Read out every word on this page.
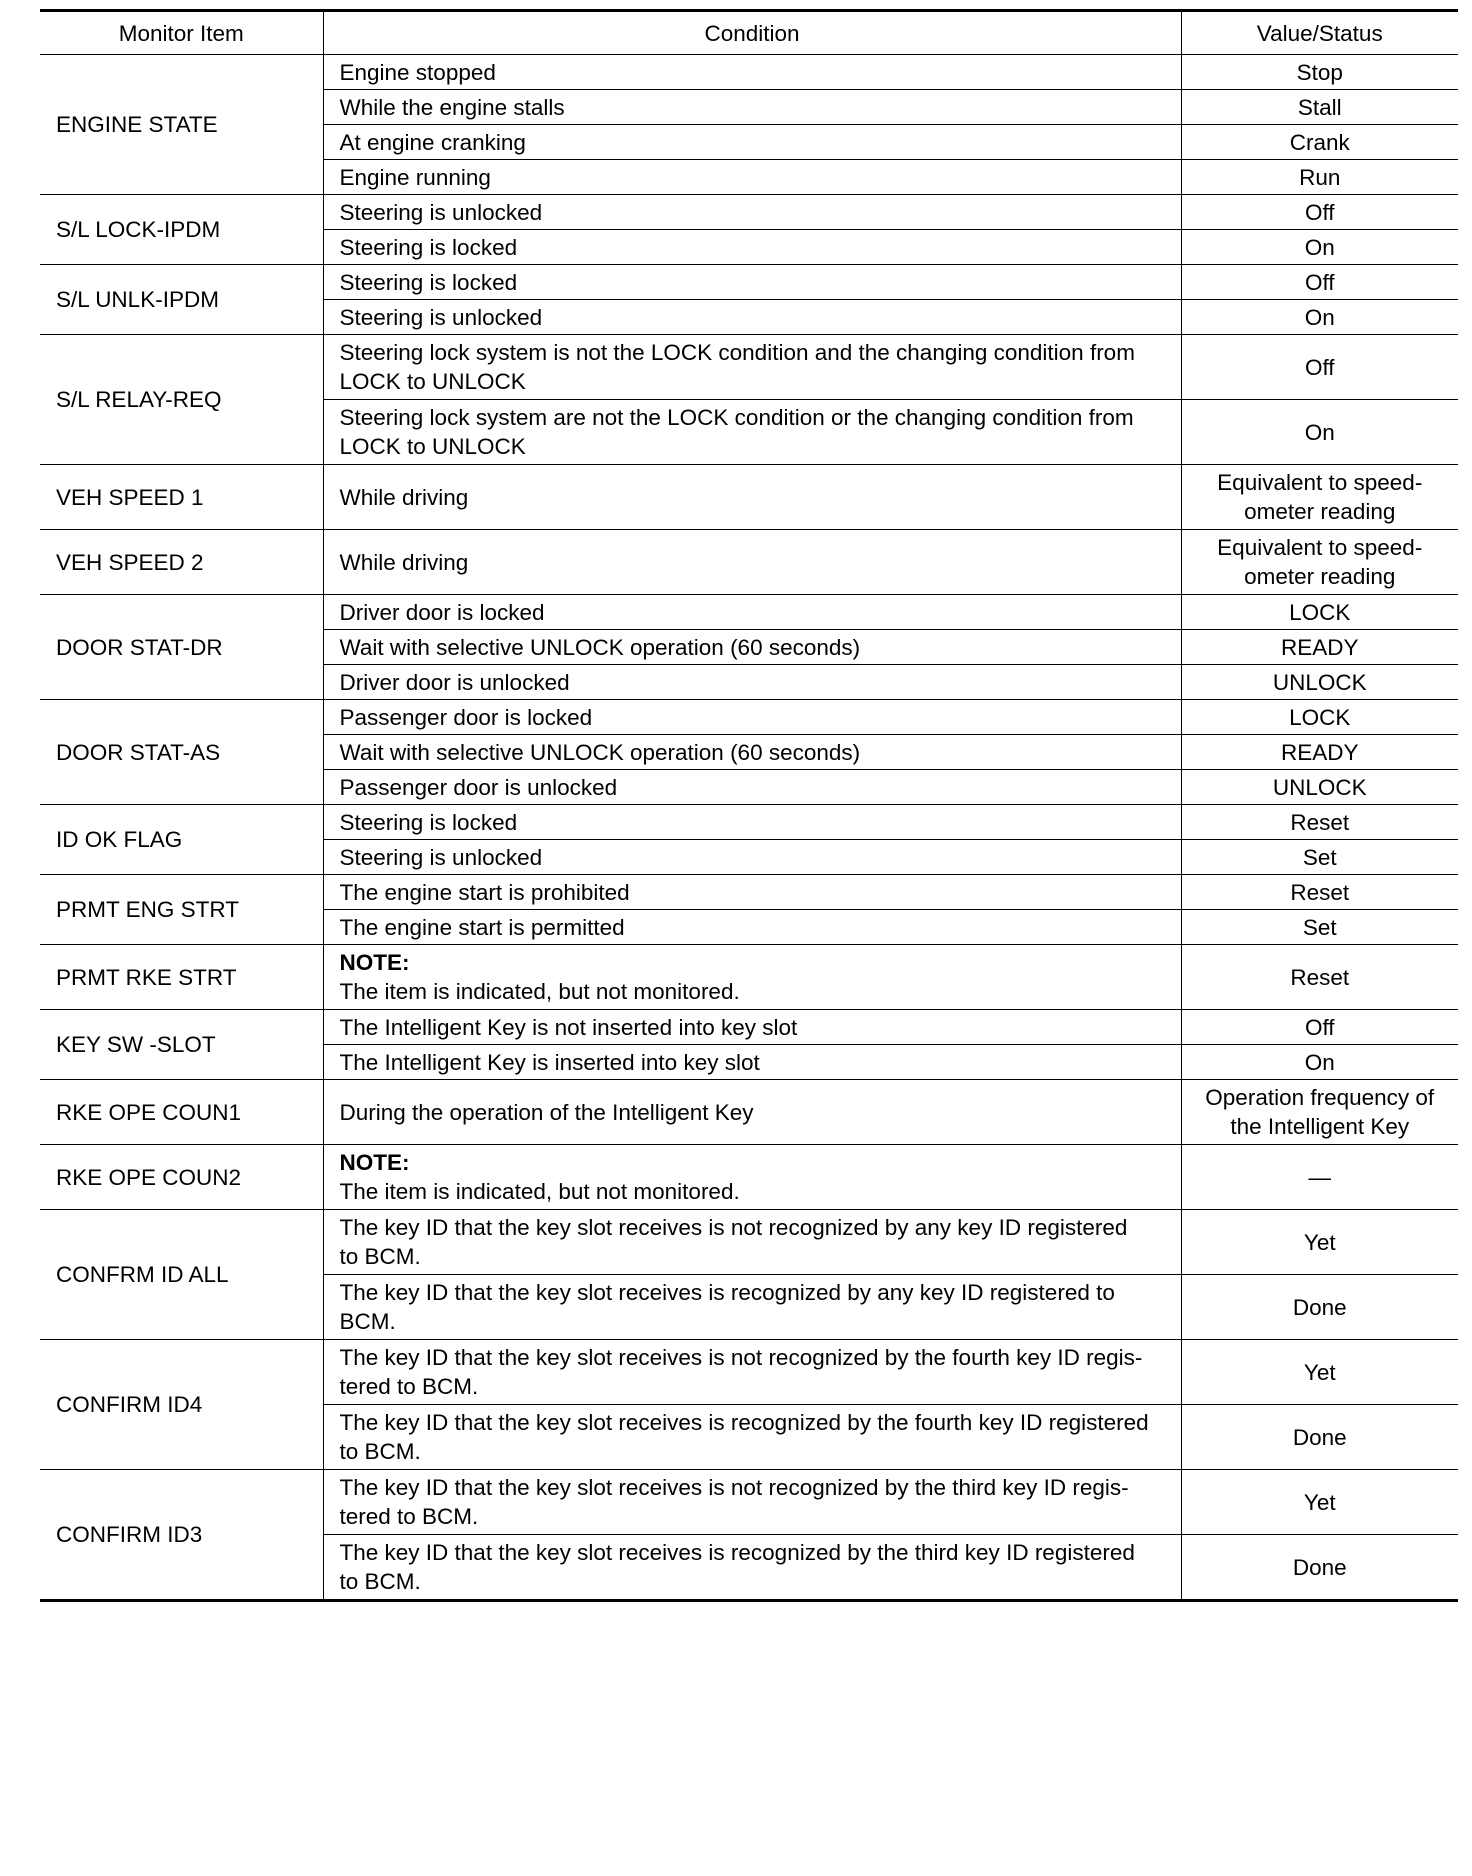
Monitor Item	Condition	Value/Status
ENGINE STATE	Engine stopped	Stop

	While the engine stalls	Stall

	At engine cranking	Crank

	Engine running	Run

S/L LOCK-IPDM	Steering is unlocked	Off

	Steering is locked	On

S/L UNLK-IPDM	Steering is locked	Off

	Steering is unlocked	On

S/L RELAY-REQ	Steering lock system is not the LOCK condition and the changing condition from
LOCK to UNLOCK	Off

	Steering lock system are not the LOCK condition or the changing condition from
LOCK to UNLOCK	On

VEH SPEED 1	While driving	Equivalent to speed-
ometer reading

VEH SPEED 2	While driving	Equivalent to speed-
ometer reading

DOOR STAT-DR	Driver door is locked	LOCK

	Wait with selective UNLOCK operation (60 seconds)	READY

	Driver door is unlocked	UNLOCK

DOOR STAT-AS	Passenger door is locked	LOCK

	Wait with selective UNLOCK operation (60 seconds)	READY

	Passenger door is unlocked	UNLOCK

ID OK FLAG	Steering is locked	Reset

	Steering is unlocked	Set

PRMT ENG STRT	The engine start is prohibited	Reset

	The engine start is permitted	Set

PRMT RKE STRT	NOTE:
The item is indicated, but not monitored.	Reset

KEY SW -SLOT	The Intelligent Key is not inserted into key slot	Off

	The Intelligent Key is inserted into key slot	On

RKE OPE COUN1	During the operation of the Intelligent Key	Operation frequency of
the Intelligent Key

RKE OPE COUN2	NOTE:
The item is indicated, but not monitored.	—

CONFRM ID ALL	The key ID that the key slot receives is not recognized by any key ID registered
to BCM.	Yet

	The key ID that the key slot receives is recognized by any key ID registered to
BCM.	Done

CONFIRM ID4	The key ID that the key slot receives is not recognized by the fourth key ID regis-
tered to BCM.	Yet

	The key ID that the key slot receives is recognized by the fourth key ID registered
to BCM.	Done

CONFIRM ID3	The key ID that the key slot receives is not recognized by the third key ID regis-
tered to BCM.	Yet

	The key ID that the key slot receives is recognized by the third key ID registered
to BCM.	Done
